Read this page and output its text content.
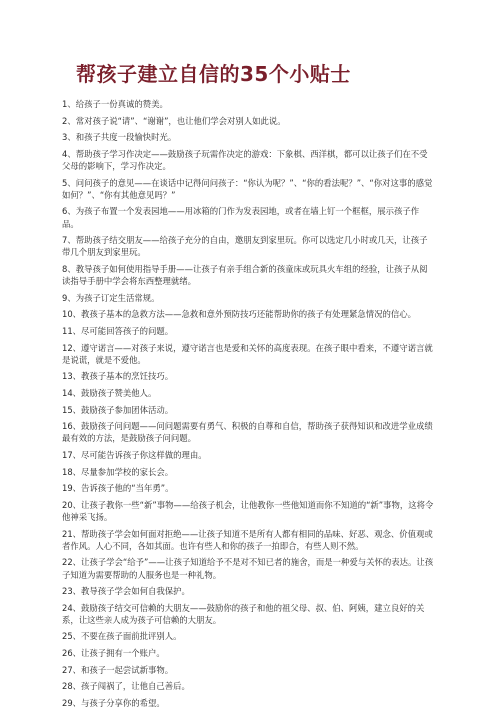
帮孩子建立自信的35个小贴士
1、给孩子一份真诚的赞美。
2、常对孩子说“请”、“谢谢”，也让他们学会对别人如此说。
3、和孩子共度一段愉快时光。
4、帮助孩子学习作决定——鼓励孩子玩需作决定的游戏：下象棋、西洋棋，都可以让孩子们在不受父母的影响下，学习作决定。
5、问问孩子的意见——在谈话中记得问问孩子：“你认为呢？”、“你的看法呢？”、“你对这事的感觉如何？”、“你有其他意见吗？”
6、为孩子布置一个发表园地——用冰箱的门作为发表园地，或者在墙上钉一个框框，展示孩子作品。
7、帮助孩子结交朋友——给孩子充分的自由，邀朋友到家里玩。你可以选定几小时或几天，让孩子带几个朋友到家里玩。
8、教导孩子如何使用指导手册——让孩子有亲手组合新的孩童床或玩具火车组的经验，让孩子从阅读指导手册中学会将东西整理就绪。
9、为孩子订定生活常规。
10、教孩子基本的急救方法——急救和意外预防技巧还能帮助你的孩子有处理紧急情况的信心。
11、尽可能回答孩子的问题。
12、遵守诺言——对孩子来说，遵守诺言也是爱和关怀的高度表现。在孩子眼中看来，不遵守诺言就是说谎，就是不爱他。
13、教孩子基本的烹饪技巧。
14、鼓励孩子赞美他人。
15、鼓励孩子参加团体活动。
16、鼓励孩子问问题——问问题需要有勇气、积极的自尊和自信，帮助孩子获得知识和改进学业成绩最有效的方法，是鼓励孩子问问题。
17、尽可能告诉孩子你这样做的理由。
18、尽量参加学校的家长会。
19、告诉孩子他的“当年勇”。
20、让孩子教你一些“新”事物——给孩子机会，让他教你一些他知道而你不知道的“新”事物，这将令他神采飞扬。
21、帮助孩子学会如何面对拒绝——让孩子知道不是所有人都有相同的品味、好恶、观念、价值观或者作风。人心不同，各如其面。也许有些人和你的孩子一拍即合，有些人则不然。
22、让孩子学会“给予”——让孩子知道给予不是对不知已者的施舍，而是一种爱与关怀的表达。让孩子知道为需要帮助的人服务也是一种礼物。
23、教导孩子学会如何自我保护。
24、鼓励孩子结交可信赖的大朋友——鼓励你的孩子和他的祖父母、叔、伯、阿姨，建立良好的关系，让这些亲人成为孩子可信赖的大朋友。
25、不要在孩子面前批评别人。
26、让孩子拥有一个账户。
27、和孩子一起尝试新事物。
28、孩子闯祸了，让他自己善后。
29、与孩子分享你的希望。
